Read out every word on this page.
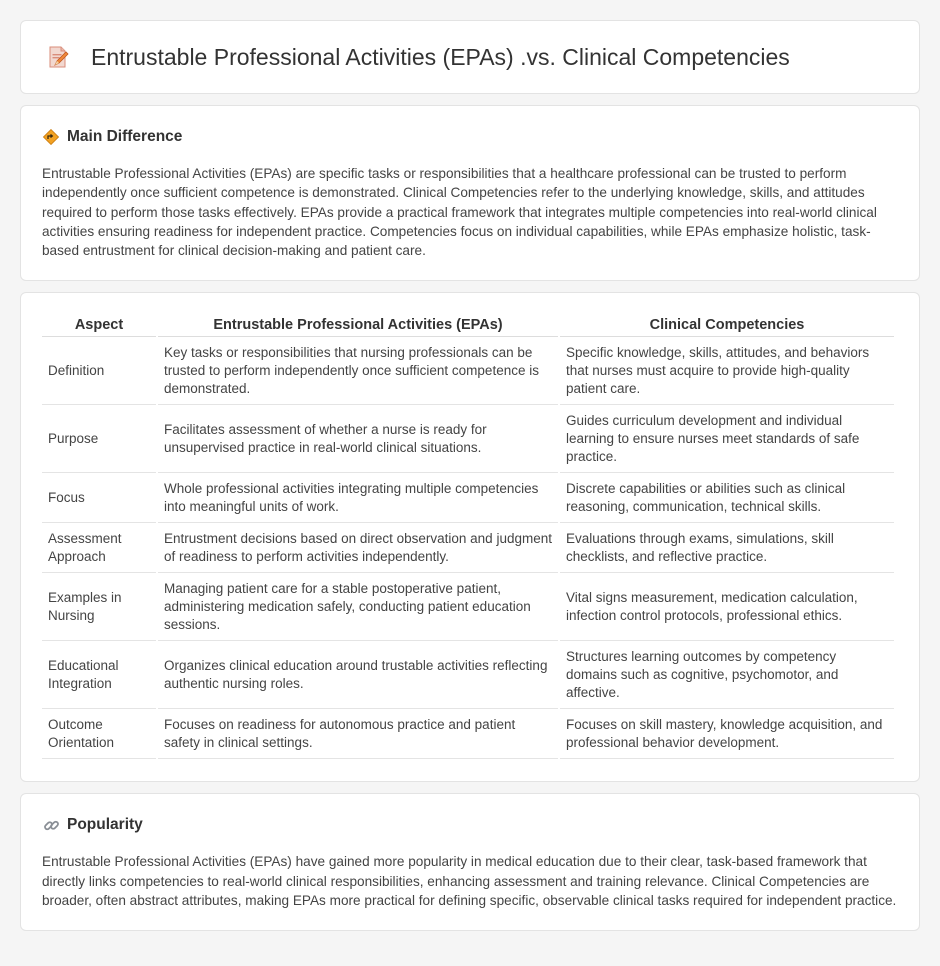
Entrustable Professional Activities (EPAs) .vs. Clinical Competencies
Main Difference

Entrustable Professional Activities (EPAs) are specific tasks or responsibilities that a healthcare professional can be trusted to perform independently once sufficient competence is demonstrated. Clinical Competencies refer to the underlying knowledge, skills, and attitudes required to perform those tasks effectively. EPAs provide a practical framework that integrates multiple competencies into real-world clinical activities ensuring readiness for independent practice. Competencies focus on individual capabilities, while EPAs emphasize holistic, task-based entrustment for clinical decision-making and patient care.

Aspect	Entrustable Professional Activities (EPAs)	Clinical Competencies
Definition	Key tasks or responsibilities that nursing professionals can be trusted to perform independently once sufficient competence is demonstrated.	Specific knowledge, skills, attitudes, and behaviors that nurses must acquire to provide high-quality patient care.
Purpose	Facilitates assessment of whether a nurse is ready for unsupervised practice in real-world clinical situations.	Guides curriculum development and individual learning to ensure nurses meet standards of safe practice.
Focus	Whole professional activities integrating multiple competencies into meaningful units of work.	Discrete capabilities or abilities such as clinical reasoning, communication, technical skills.
Assessment Approach	Entrustment decisions based on direct observation and judgment of readiness to perform activities independently.	Evaluations through exams, simulations, skill checklists, and reflective practice.
Examples in Nursing	Managing patient care for a stable postoperative patient, administering medication safely, conducting patient education sessions.	Vital signs measurement, medication calculation, infection control protocols, professional ethics.
Educational Integration	Organizes clinical education around trustable activities reflecting authentic nursing roles.	Structures learning outcomes by competency domains such as cognitive, psychomotor, and affective.
Outcome Orientation	Focuses on readiness for autonomous practice and patient safety in clinical settings.	Focuses on skill mastery, knowledge acquisition, and professional behavior development.
Popularity

Entrustable Professional Activities (EPAs) have gained more popularity in medical education due to their clear, task-based framework that directly links competencies to real-world clinical responsibilities, enhancing assessment and training relevance. Clinical Competencies are broader, often abstract attributes, making EPAs more practical for defining specific, observable clinical tasks required for independent practice.
